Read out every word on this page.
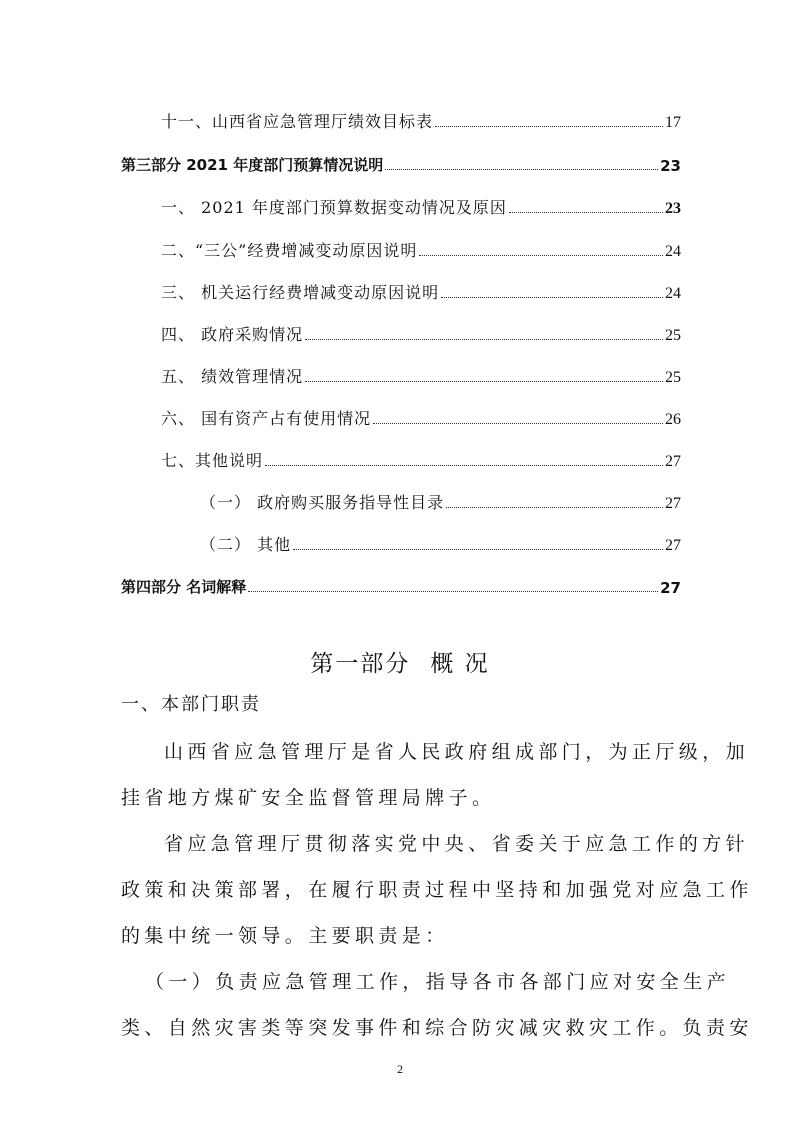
十一、山西省应急管理厅绩效目标表	17
第三部分 2021 年度部门预算情况说明	23
一、 2021 年度部门预算数据变动情况及原因	23
二、“三公”经费增减变动原因说明	24
三、 机关运行经费增减变动原因说明	24
四、 政府采购情况	25
五、 绩效管理情况	25
六、 国有资产占有使用情况	26
七、其他说明	27
（一） 政府购买服务指导性目录	27
（二） 其他	27
第四部分 名词解释	27
第一部分 概 况
一、本部门职责
山西省应急管理厅是省人民政府组成部门，为正厅级，加
挂省地方煤矿安全监督管理局牌子。
省应急管理厅贯彻落实党中央、省委关于应急工作的方针
政策和决策部署，在履行职责过程中坚持和加强党对应急工作
的集中统一领导。主要职责是：
（一）负责应急管理工作，指导各市各部门应对安全生产
类、自然灾害类等突发事件和综合防灾减灾救灾工作。负责安
2
